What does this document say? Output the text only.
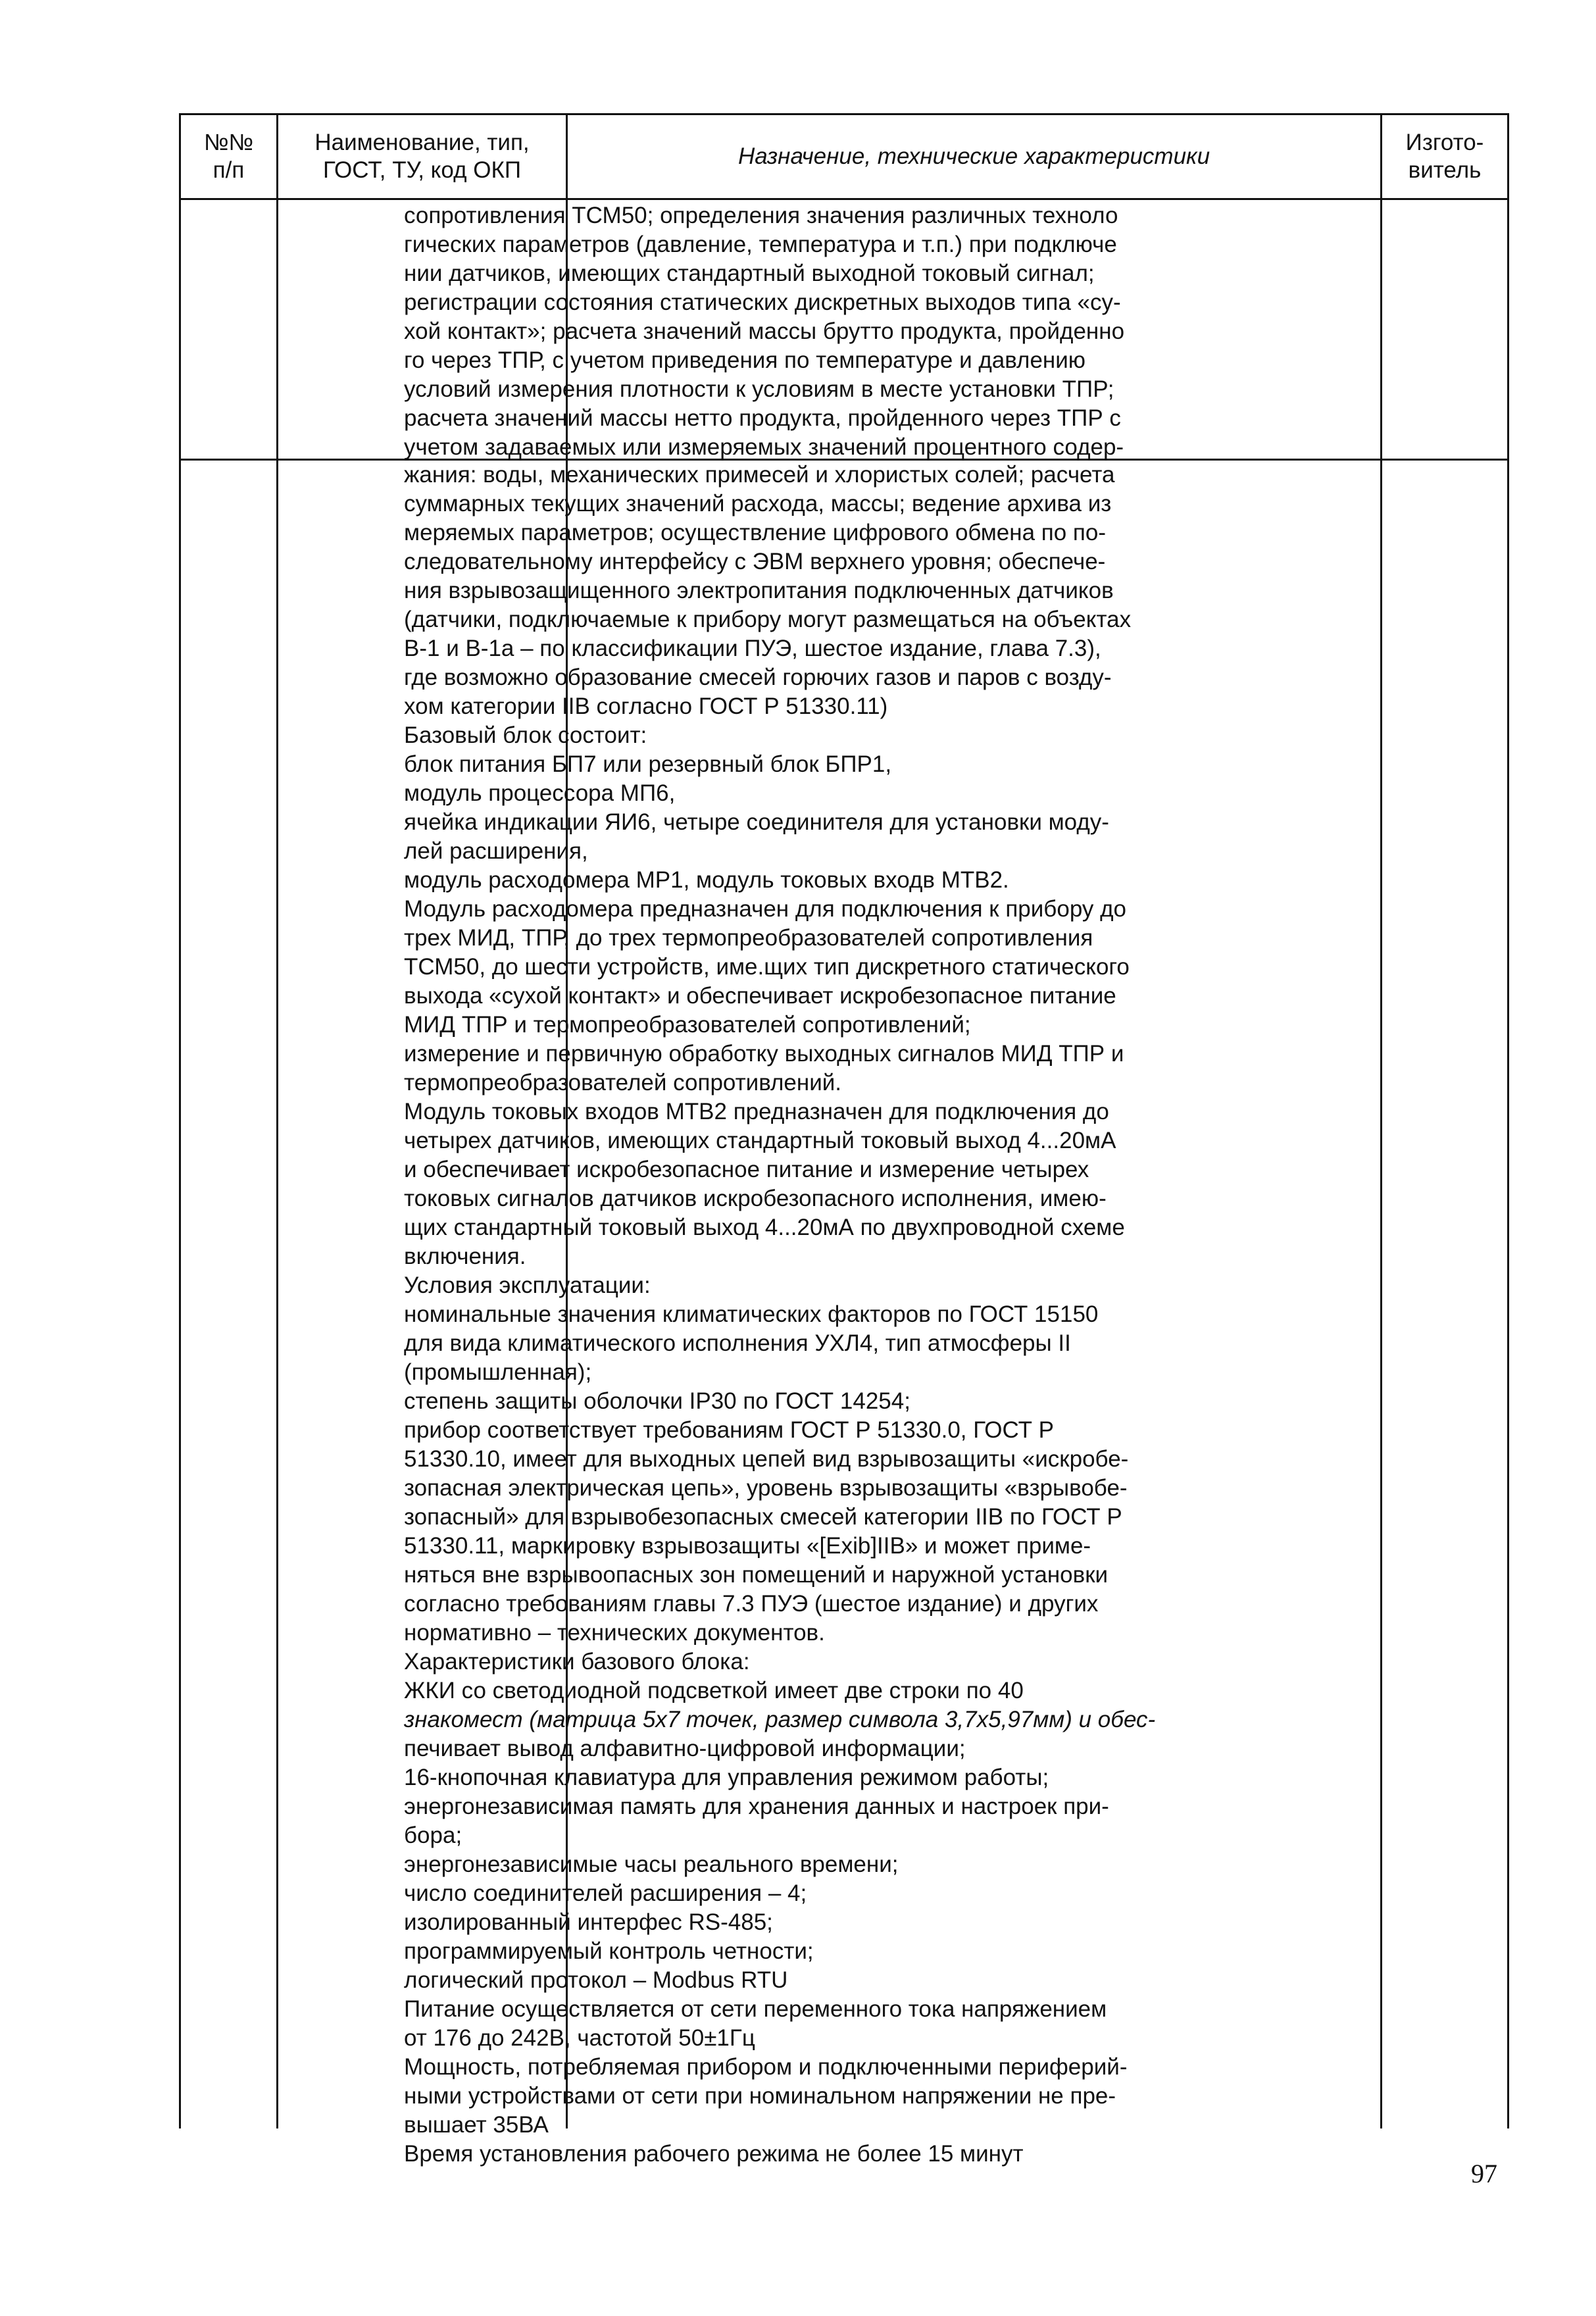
№№
п/п
Наименование, тип,
ГОСТ, ТУ, код ОКП
Назначение, технические характеристики
Изгото-
витель
сопротивления ТСМ50; определения значения различных техноло
гических параметров (давление, температура и т.п.) при подключе
нии датчиков, имеющих стандартный выходной токовый сигнал;
регистрации состояния статических дискретных выходов типа «су-
хой контакт»; расчета значений массы брутто продукта, пройденно
го через ТПР, с учетом приведения по температуре и давлению
условий измерения плотности к условиям в месте установки ТПР;
расчета значений массы нетто продукта, пройденного через ТПР с
учетом задаваемых или измеряемых значений процентного содер-
жания: воды, механических примесей и хлористых солей; расчета
суммарных текущих значений расхода, массы; ведение архива из
меряемых параметров; осуществление цифрового обмена по по-
следовательному интерфейсу с ЭВМ верхнего уровня; обеспече-
ния взрывозащищенного электропитания подключенных датчиков
(датчики, подключаемые к прибору могут размещаться на объектах
В-1 и В-1а – по классификации ПУЭ, шестое издание, глава 7.3),
где возможно образование смесей горючих газов и паров с возду-
хом категории IIВ согласно ГОСТ Р 51330.11)
Базовый блок состоит:
блок питания БП7 или резервный блок БПР1,
модуль процессора МП6,
ячейка индикации ЯИ6, четыре соединителя для установки моду-
лей расширения,
модуль расходомера МР1, модуль токовых входв МТВ2.
Модуль расходомера предназначен для подключения к прибору до
трех МИД, ТПР, до трех термопреобразователей сопротивления
ТСМ50, до шести устройств, име.щих тип дискретного статического
выхода «сухой контакт» и обеспечивает искробезопасное питание
МИД ТПР и термопреобразователей сопротивлений;
измерение и первичную обработку выходных сигналов МИД ТПР и
термопреобразователей сопротивлений.
Модуль токовых входов МТВ2 предназначен для подключения до
четырех датчиков, имеющих стандартный токовый выход 4...20мА
и обеспечивает искробезопасное питание и измерение четырех
токовых сигналов датчиков искробезопасного исполнения, имею-
щих стандартный токовый выход 4...20мА по двухпроводной схеме
включения.
Условия эксплуатации:
номинальные значения климатических факторов по ГОСТ 15150
для вида климатического исполнения УХЛ4, тип атмосферы II
(промышленная);
степень защиты оболочки IP30 по ГОСТ 14254;
прибор соответствует требованиям ГОСТ Р 51330.0, ГОСТ Р
51330.10, имеет для выходных цепей вид взрывозащиты «искробе-
зопасная электрическая цепь», уровень взрывозащиты «взрывобе-
зопасный» для взрывобезопасных смесей категории IIВ по ГОСТ Р
51330.11, маркировку взрывозащиты «[Exib]IIB» и может приме-
няться вне взрывоопасных зон помещений и наружной установки
согласно требованиям главы 7.3 ПУЭ (шестое издание) и других
нормативно – технических документов.
Характеристики базового блока:
ЖКИ со светодиодной подсветкой имеет две строки по 40
знакомест (матрица 5х7 точек, размер символа 3,7х5,97мм) и обес-
печивает вывод алфавитно-цифровой информации;
16-кнопочная клавиатура для управления режимом работы;
энергонезависимая память для хранения данных и настроек при-
бора;
энергонезависимые часы реального времени;
число соединителей расширения – 4;
изолированный интерфес RS-485;
программируемый контроль четности;
логический протокол – Modbus RTU
Питание осуществляется от сети переменного тока напряжением
от 176 до 242В, частотой 50±1Гц
Мощность, потребляемая прибором и подключенными периферий-
ными устройствами от сети при номинальном напряжении не пре-
вышает 35ВА
Время установления рабочего режима не более 15 минут
97
